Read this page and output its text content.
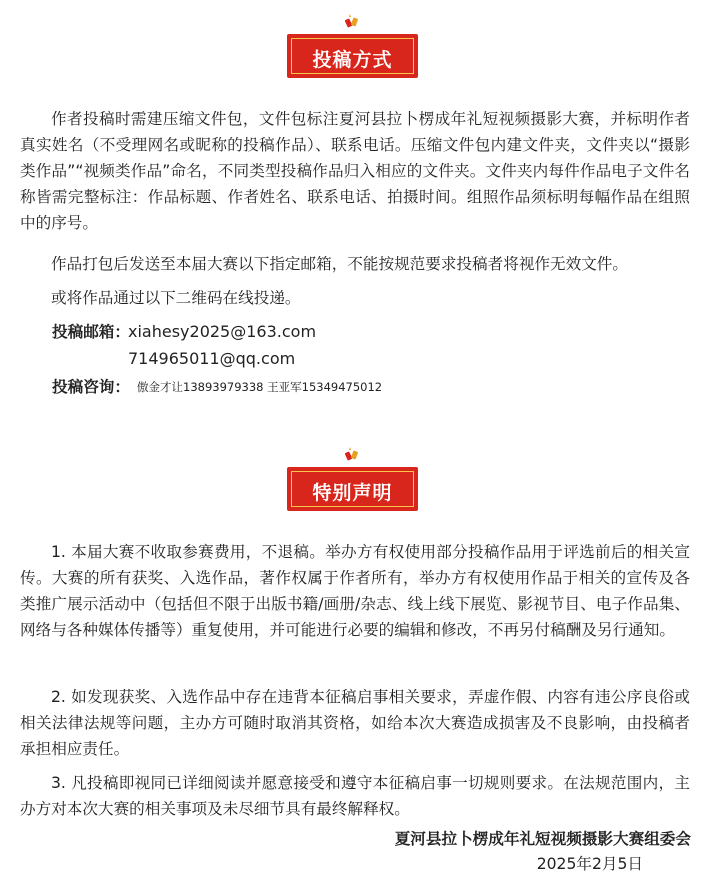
投稿方式
作者投稿时需建压缩文件包，文件包标注夏河县拉卜楞成年礼短视频摄影大赛，并标明作者真实姓名（不受理网名或昵称的投稿作品）、联系电话。压缩文件包内建文件夹，文件夹以“摄影类作品”“视频类作品”命名，不同类型投稿作品归入相应的文件夹。文件夹内每件作品电子文件名称皆需完整标注：作品标题、作者姓名、联系电话、拍摄时间。组照作品须标明每幅作品在组照中的序号。
作品打包后发送至本届大赛以下指定邮箱，不能按规范要求投稿者将视作无效文件。
或将作品通过以下二维码在线投递。
投稿邮箱：
xiahesy2025@163.com
714965011@qq.com
投稿咨询： 傲金才让13893979338 王亚军15349475012
特别声明
1. 本届大赛不收取参赛费用，不退稿。举办方有权使用部分投稿作品用于评选前后的相关宣传。大赛的所有获奖、入选作品，著作权属于作者所有，举办方有权使用作品于相关的宣传及各类推广展示活动中（包括但不限于出版书籍/画册/杂志、线上线下展览、影视节目、电子作品集、网络与各种媒体传播等）重复使用，并可能进行必要的编辑和修改，不再另付稿酬及另行通知。
2. 如发现获奖、入选作品中存在违背本征稿启事相关要求，弄虚作假、内容有违公序良俗或相关法律法规等问题，主办方可随时取消其资格，如给本次大赛造成损害及不良影响，由投稿者承担相应责任。
3. 凡投稿即视同已详细阅读并愿意接受和遵守本征稿启事一切规则要求。在法规范围内，主办方对本次大赛的相关事项及未尽细节具有最终解释权。
夏河县拉卜楞成年礼短视频摄影大赛组委会
2025年2月5日
